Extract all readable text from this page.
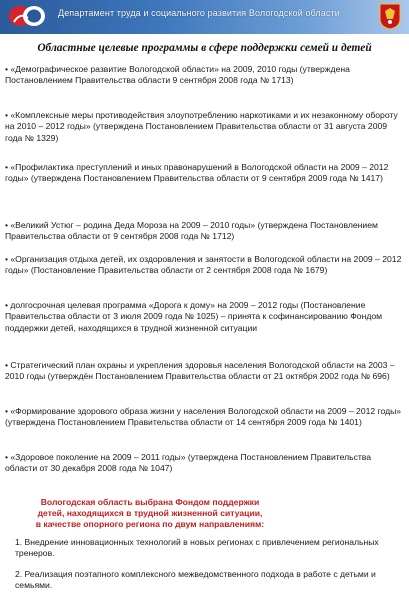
Департамент труда и социального развития Вологодской области
Областные целевые программы в сфере поддержки семей и детей
• «Демографическое развитие Вологодской области» на 2009, 2010 годы (утверждена Постановлением Правительства области 9 сентября 2008 года № 1713)
• «Комплексные меры противодействия злоупотреблению наркотиками и их незаконному обороту на 2010 – 2012 годы» (утверждена Постановлением Правительства области от 31 августа 2009 года № 1329)
• «Профилактика преступлений и иных правонарушений в Вологодской области на 2009 – 2012 годы» (утверждена Постановлением Правительства области от 9 сентября 2009 года № 1417)
• «Великий Устюг – родина Деда Мороза на 2009 – 2010 годы» (утверждена Постановлением Правительства области от 9 сентября 2008 года № 1712)
• «Организация отдыха детей, их оздоровления и занятости в Вологодской области на 2009 – 2012 годы» (Постановление Правительства области от 2 сентября 2008 года № 1679)
• долгосрочная целевая программа «Дорога к дому» на 2009 – 2012 годы (Постановление Правительства области от 3 июля 2009 года № 1025) – принята к софинансированию Фондом поддержки детей, находящихся в трудной жизненной ситуации
• Стратегический план охраны и укрепления здоровья населения Вологодской области на 2003 – 2010 годы (утверждён Постановлением Правительства области от 21 октября 2002 года № 696)
• «Формирование здорового образа жизни у населения Вологодской области на 2009 – 2012 годы» (утверждена Постановлением Правительства области от 14 сентября 2009 года № 1401)
• «Здоровое поколение на 2009 – 2011 годы» (утверждена Постановлением Правительства области от 30 декабря 2008 года № 1047)
Вологодская область выбрана Фондом поддержки
детей, находящихся в трудной жизненной ситуации,
в качестве опорного региона по двум направлениям:
1. Внедрение инновационных технологий в новых регионах с привлечением региональных тренеров.
2. Реализация поэтапного комплексного межведомственного подхода в работе с детьми и семьями.
